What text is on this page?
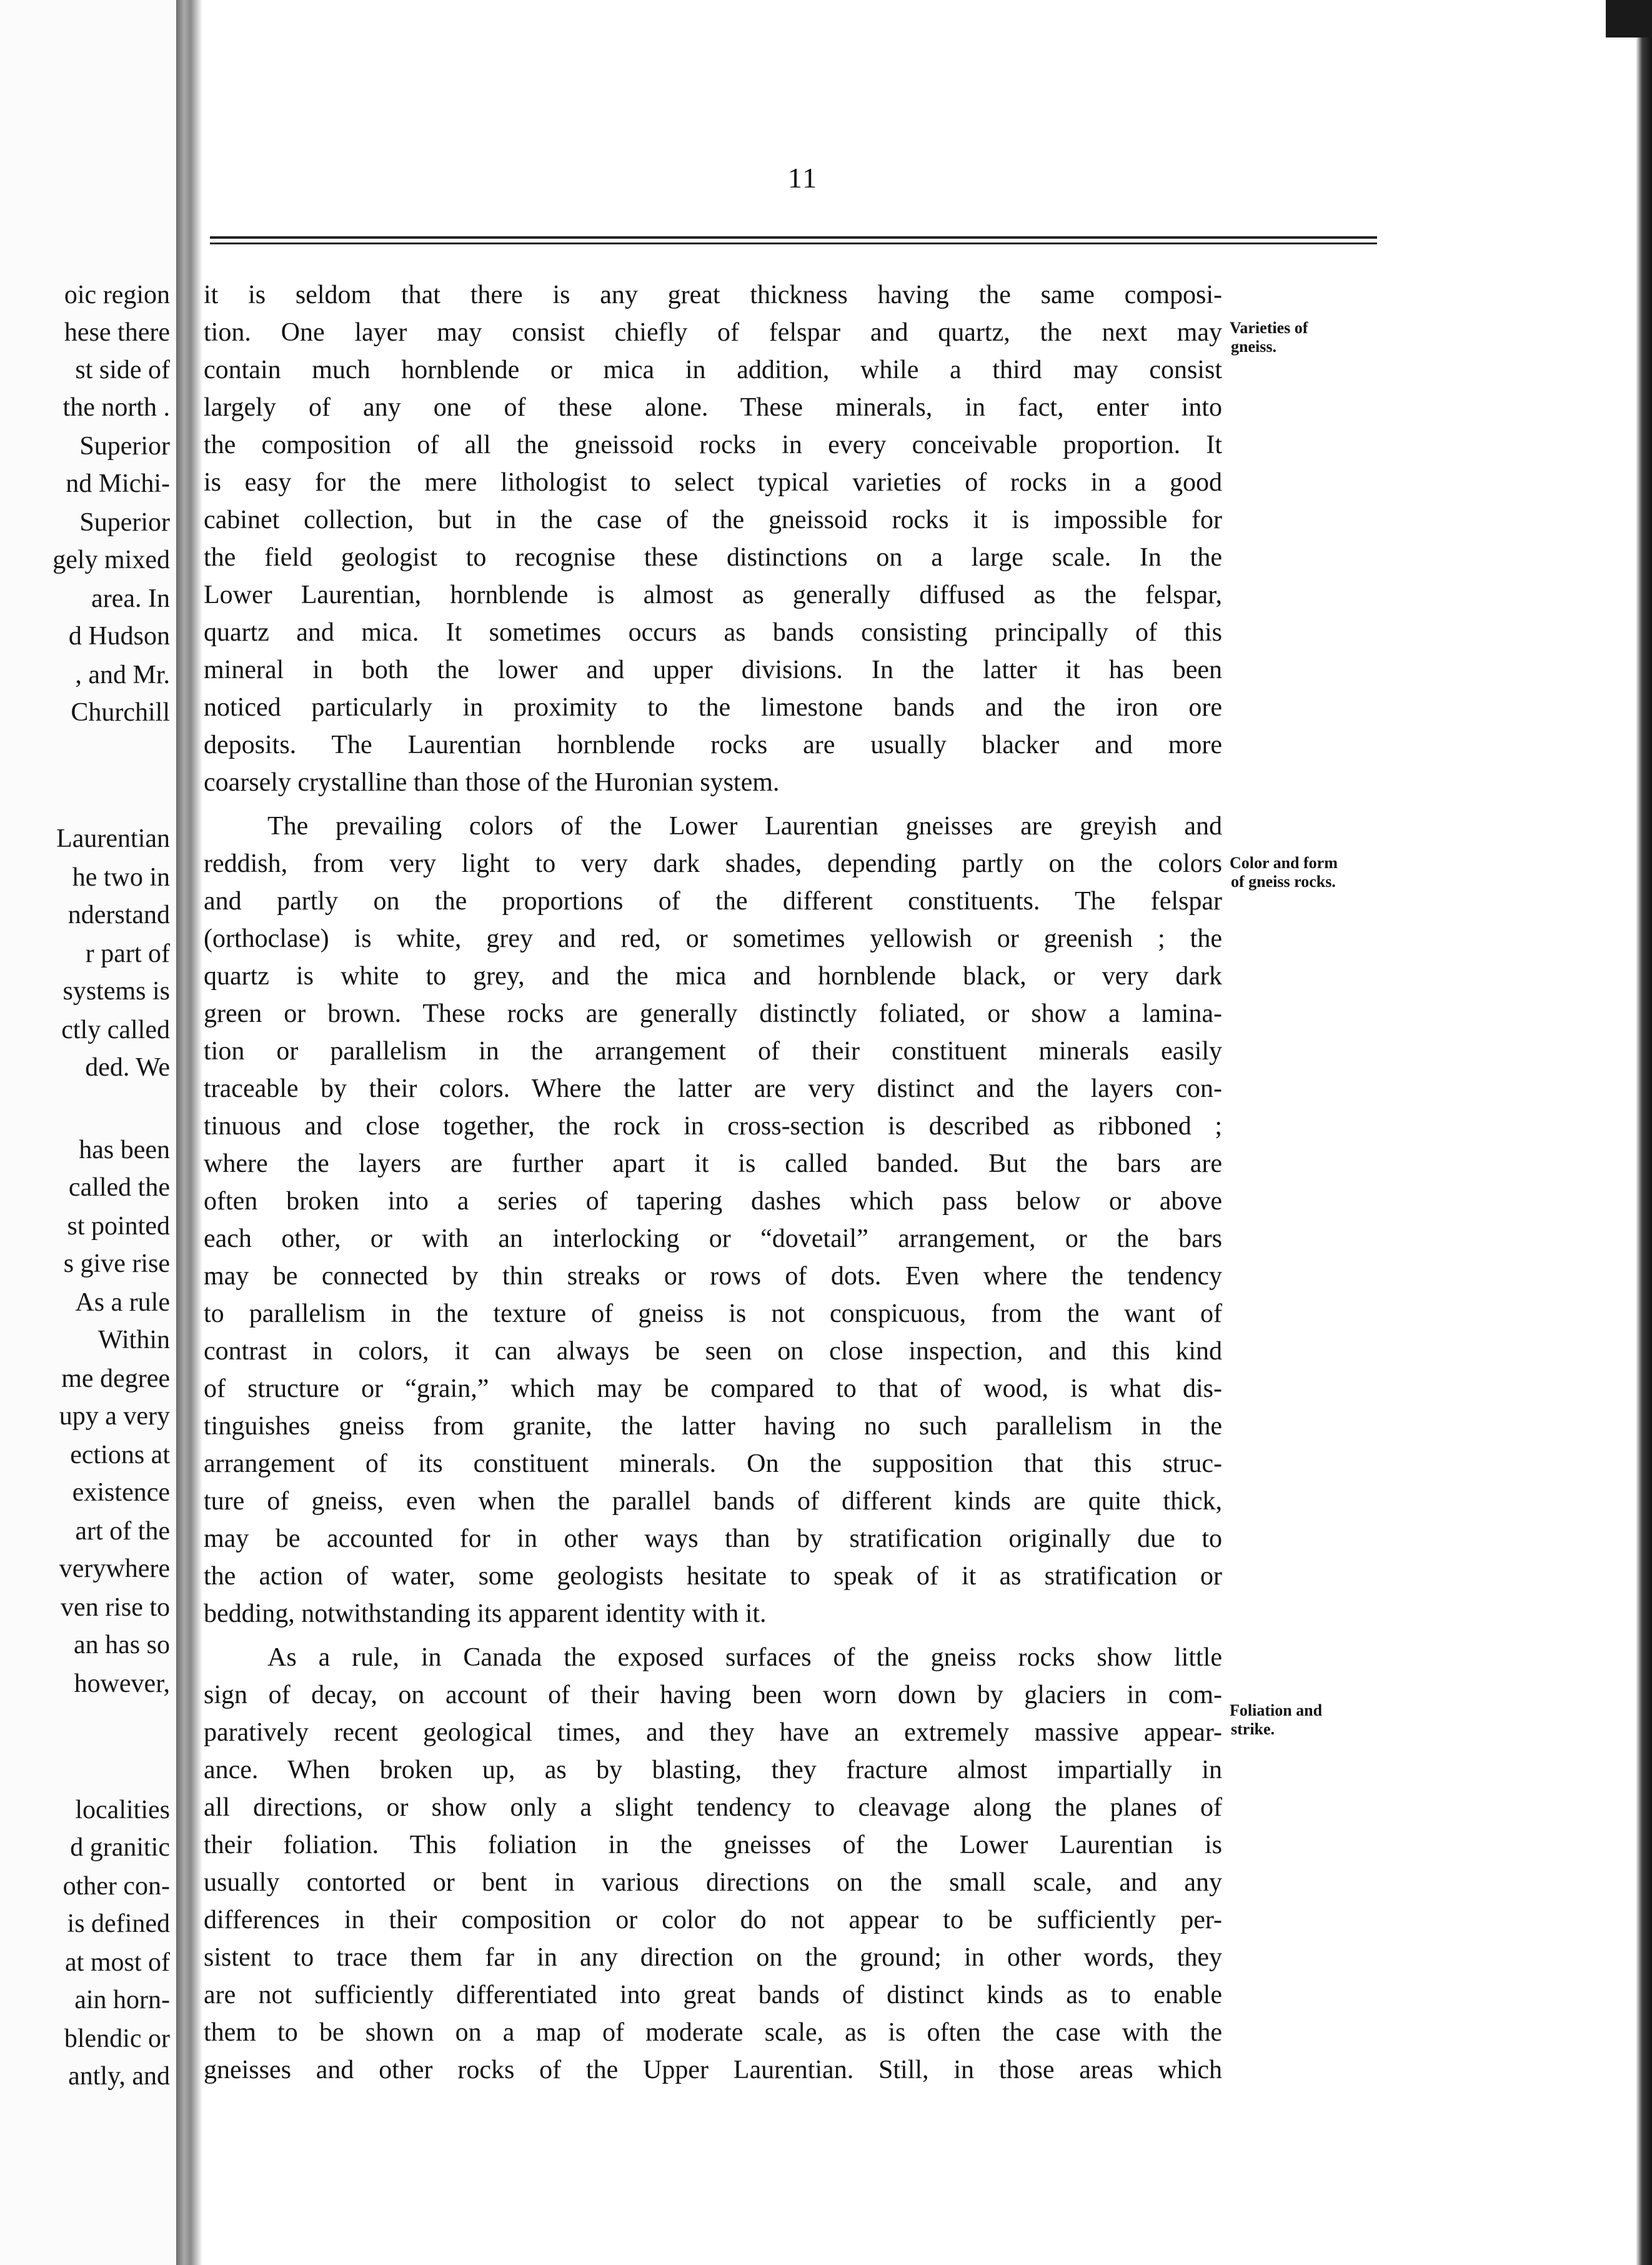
oic region
hese there
st side of
the north .
Superior
nd Michi-
Superior
gely mixed
area. In
d Hudson
, and Mr.
Churchill
Laurentian
he two in
nderstand
r part of
systems is
ctly called
ded. We
has been
called the
st pointed
s give rise
As a rule
Within
me degree
upy a very
ections at
existence
art of the
verywhere
ven rise to
an has so
however,
localities
d granitic
other con-
is defined
at most of
ain horn-
blendic or
antly, and
11
it is seldom that there is any great thickness having the same composi-
tion. One layer may consist chiefly of felspar and quartz, the next may
contain much hornblende or mica in addition, while a third may consist
largely of any one of these alone. These minerals, in fact, enter into
the composition of all the gneissoid rocks in every conceivable proportion. It
is easy for the mere lithologist to select typical varieties of rocks in a good
cabinet collection, but in the case of the gneissoid rocks it is impossible for
the field geologist to recognise these distinctions on a large scale. In the
Lower Laurentian, hornblende is almost as generally diffused as the felspar,
quartz and mica. It sometimes occurs as bands consisting principally of this
mineral in both the lower and upper divisions. In the latter it has been
noticed particularly in proximity to the limestone bands and the iron ore
deposits. The Laurentian hornblende rocks are usually blacker and more
coarsely crystalline than those of the Huronian system.
The prevailing colors of the Lower Laurentian gneisses are greyish and
reddish, from very light to very dark shades, depending partly on the colors
and partly on the proportions of the different constituents. The felspar
(orthoclase) is white, grey and red, or sometimes yellowish or greenish ; the
quartz is white to grey, and the mica and hornblende black, or very dark
green or brown. These rocks are generally distinctly foliated, or show a lamina-
tion or parallelism in the arrangement of their constituent minerals easily
traceable by their colors. Where the latter are very distinct and the layers con-
tinuous and close together, the rock in cross-section is described as ribboned ;
where the layers are further apart it is called banded. But the bars are
often broken into a series of tapering dashes which pass below or above
each other, or with an interlocking or “dovetail” arrangement, or the bars
may be connected by thin streaks or rows of dots. Even where the tendency
to parallelism in the texture of gneiss is not conspicuous, from the want of
contrast in colors, it can always be seen on close inspection, and this kind
of structure or “grain,” which may be compared to that of wood, is what dis-
tinguishes gneiss from granite, the latter having no such parallelism in the
arrangement of its constituent minerals. On the supposition that this struc-
ture of gneiss, even when the parallel bands of different kinds are quite thick,
may be accounted for in other ways than by stratification originally due to
the action of water, some geologists hesitate to speak of it as stratification or
bedding, notwithstanding its apparent identity with it.
As a rule, in Canada the exposed surfaces of the gneiss rocks show little
sign of decay, on account of their having been worn down by glaciers in com-
paratively recent geological times, and they have an extremely massive appear-
ance. When broken up, as by blasting, they fracture almost impartially in
all directions, or show only a slight tendency to cleavage along the planes of
their foliation. This foliation in the gneisses of the Lower Laurentian is
usually contorted or bent in various directions on the small scale, and any
differences in their composition or color do not appear to be sufficiently per-
sistent to trace them far in any direction on the ground; in other words, they
are not sufficiently differentiated into great bands of distinct kinds as to enable
them to be shown on a map of moderate scale, as is often the case with the
gneisses and other rocks of the Upper Laurentian. Still, in those areas which
Varieties of
gneiss.
Color and form
of gneiss rocks.
Foliation and
strike.
